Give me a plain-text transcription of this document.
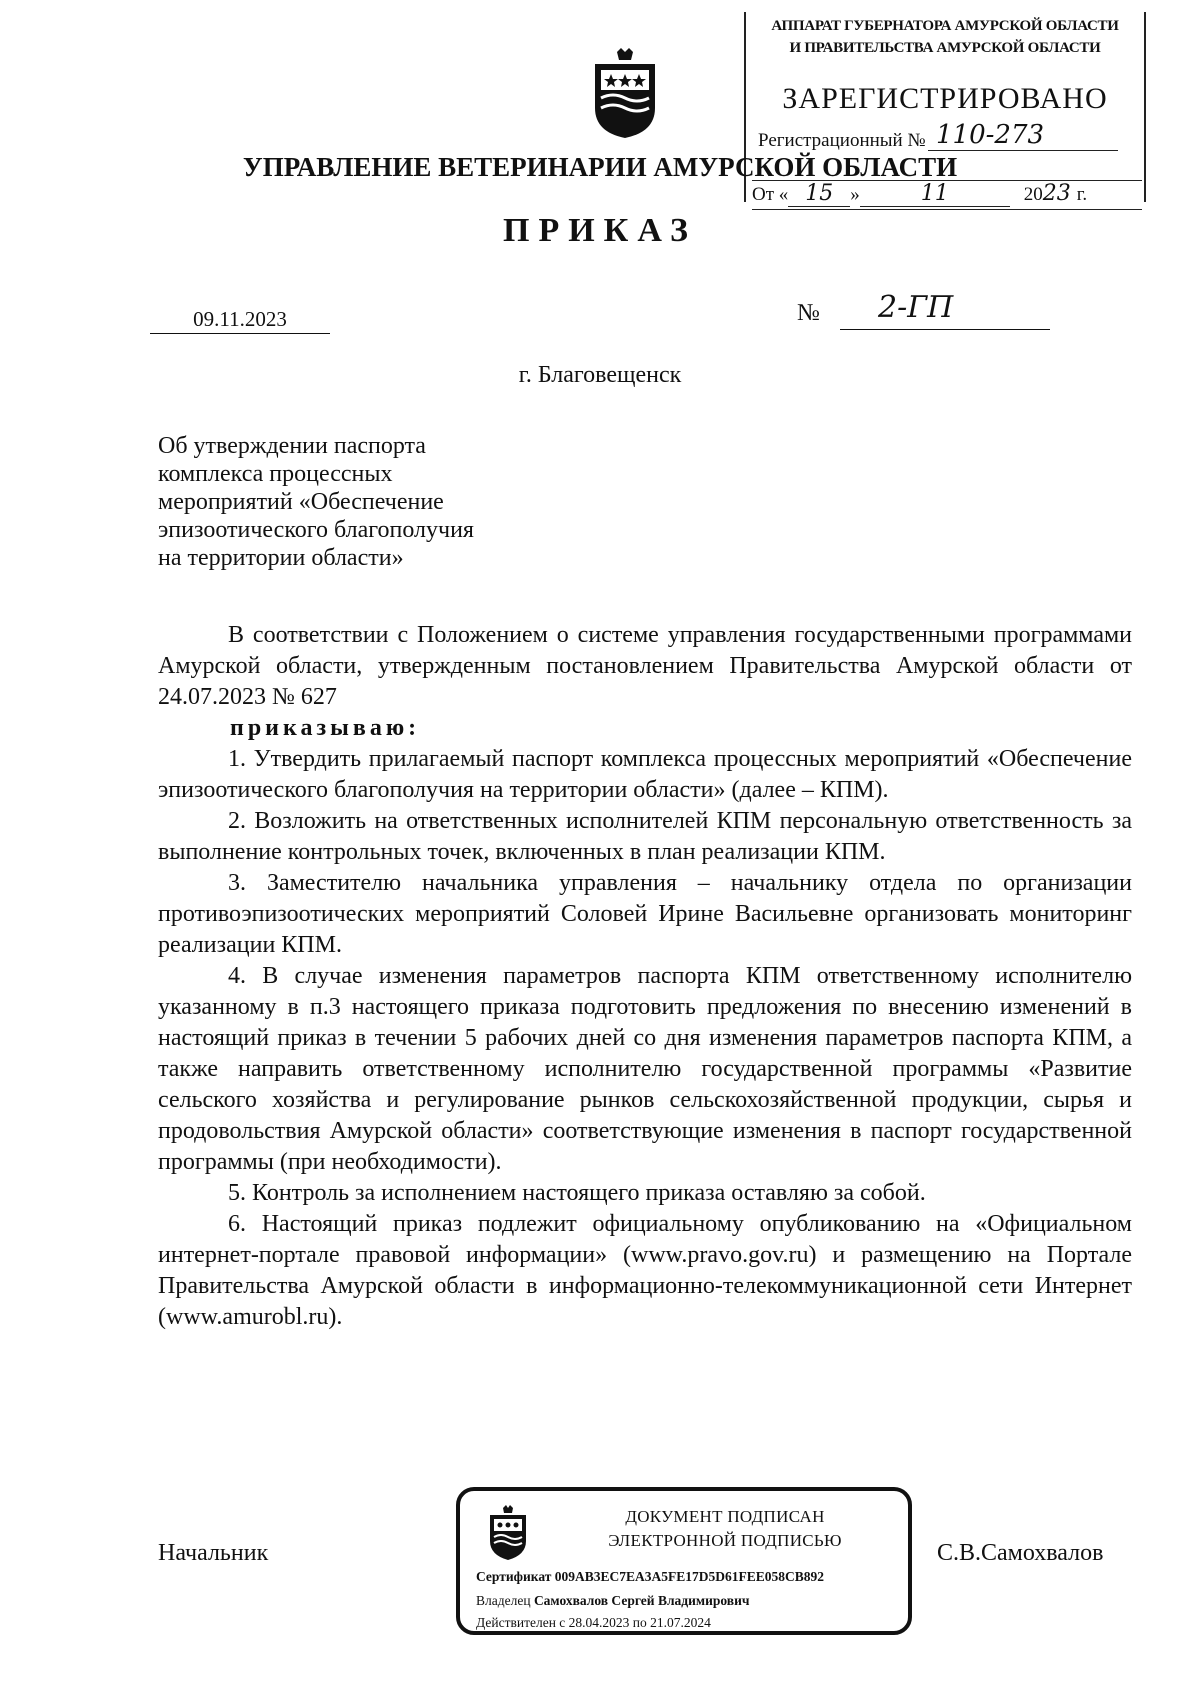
АППАРАТ ГУБЕРНАТОРА АМУРСКОЙ ОБЛАСТИ
И ПРАВИТЕЛЬСТВА АМУРСКОЙ ОБЛАСТИ
ЗАРЕГИСТРИРОВАНО
Регистрационный № 110-273
От « 15 »	11	2023 г.
УПРАВЛЕНИЕ ВЕТЕРИНАРИИ АМУРСКОЙ ОБЛАСТИ
ПРИКАЗ
09.11.2023	№	2-ГП
г. Благовещенск
Об утверждении паспорта
комплекса процессных
мероприятий «Обеспечение
эпизоотического благополучия
на территории области»

В соответствии с Положением о системе управления государственными программами Амурской области, утвержденным постановлением Правительства Амурской области от 24.07.2023 № 627

приказываю:

1. Утвердить прилагаемый паспорт комплекса процессных мероприятий «Обеспечение эпизоотического благополучия на территории области» (далее – КПМ).

2. Возложить на ответственных исполнителей КПМ персональную ответственность за выполнение контрольных точек, включенных в план реализации КПМ.

3. Заместителю начальника управления – начальнику отдела по организации противоэпизоотических мероприятий Соловей Ирине Васильевне организовать мониторинг реализации КПМ.

4. В случае изменения параметров паспорта КПМ ответственному исполнителю указанному в п.3 настоящего приказа подготовить предложения по внесению изменений в настоящий приказ в течении 5 рабочих дней со дня изменения параметров паспорта КПМ, а также направить ответственному исполнителю государственной программы «Развитие сельского хозяйства и регулирование рынков сельскохозяйственной продукции, сырья и продовольствия Амурской области» соответствующие изменения в паспорт государственной программы (при необходимости).

5. Контроль за исполнением настоящего приказа оставляю за собой.

6. Настоящий приказ подлежит официальному опубликованию на «Официальном интернет-портале правовой информации» (www.pravo.gov.ru) и размещению на Портале Правительства Амурской области в информационно-телекоммуникационной сети Интернет (www.amurobl.ru).

Начальник	С.В.Самохвалов
ДОКУМЕНТ ПОДПИСАН
ЭЛЕКТРОННОЙ ПОДПИСЬЮ
Сертификат 009AB3EC7EA3A5FE17D5D61FEE058CB892
Владелец Самохвалов Сергей Владимирович
Действителен с 28.04.2023 по 21.07.2024
